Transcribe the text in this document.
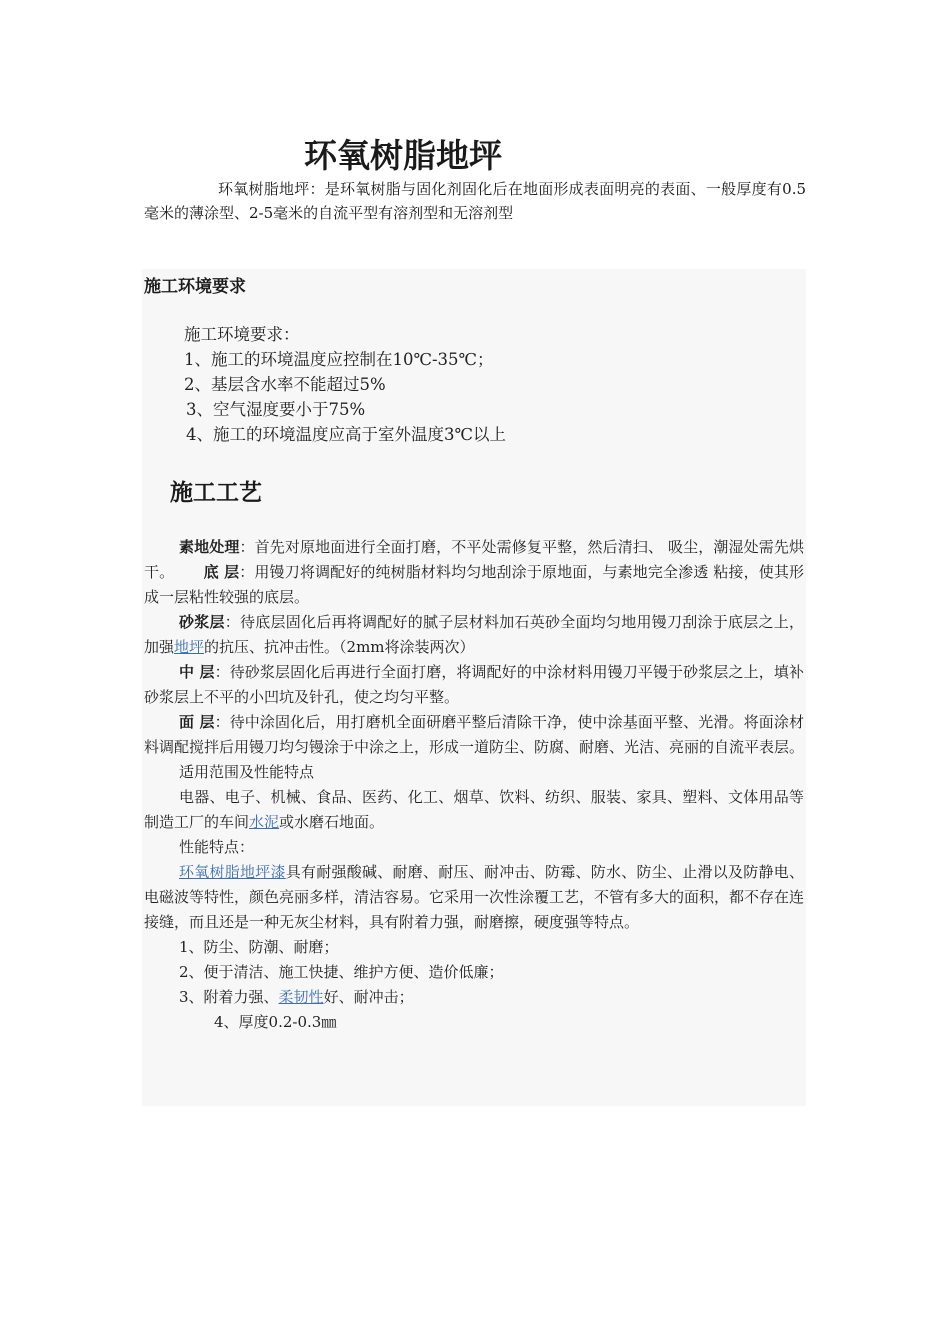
环氧树脂地坪
环氧树脂地坪：是环氧树脂与固化剂固化后在地面形成表面明亮的表面、一般厚度有0.5毫米的薄涂型、2-5毫米的自流平型有溶剂型和无溶剂型
施工环境要求
施工环境要求：
1、施工的环境温度应控制在10℃-35℃；
2、基层含水率不能超过5%
3、空气湿度要小于75%
4、施工的环境温度应高于室外温度3℃以上
施工工艺

素地处理：首先对原地面进行全面打磨，不平处需修复平整，然后清扫、 吸尘，潮湿处需先烘干。 底 层：用镘刀将调配好的纯树脂材料均匀地刮涂于原地面，与素地完全渗透 粘接，使其形成一层粘性较强的底层。

砂浆层：待底层固化后再将调配好的腻子层材料加石英砂全面均匀地用镘刀刮涂于底层之上，加强地坪的抗压、抗冲击性。（2mm将涂装两次）

中 层：待砂浆层固化后再进行全面打磨，将调配好的中涂材料用镘刀平镘于砂浆层之上，填补砂浆层上不平的小凹坑及针孔，使之均匀平整。

面 层：待中涂固化后，用打磨机全面研磨平整后清除干净，使中涂基面平整、光滑。将面涂材料调配搅拌后用镘刀均匀镘涂于中涂之上，形成一道防尘、防腐、耐磨、光洁、亮丽的自流平表层。

适用范围及性能特点

电器、电子、机械、食品、医药、化工、烟草、饮料、纺织、服装、家具、塑料、文体用品等制造工厂的车间水泥或水磨石地面。

性能特点：

环氧树脂地坪漆具有耐强酸碱、耐磨、耐压、耐冲击、防霉、防水、防尘、止滑以及防静电、电磁波等特性，颜色亮丽多样，清洁容易。它采用一次性涂覆工艺，不管有多大的面积，都不存在连接缝，而且还是一种无灰尘材料，具有附着力强，耐磨擦，硬度强等特点。

1、防尘、防潮、耐磨；

2、便于清洁、施工快捷、维护方便、造价低廉；

3、附着力强、柔韧性好、耐冲击；

4、厚度0.2-0.3㎜
